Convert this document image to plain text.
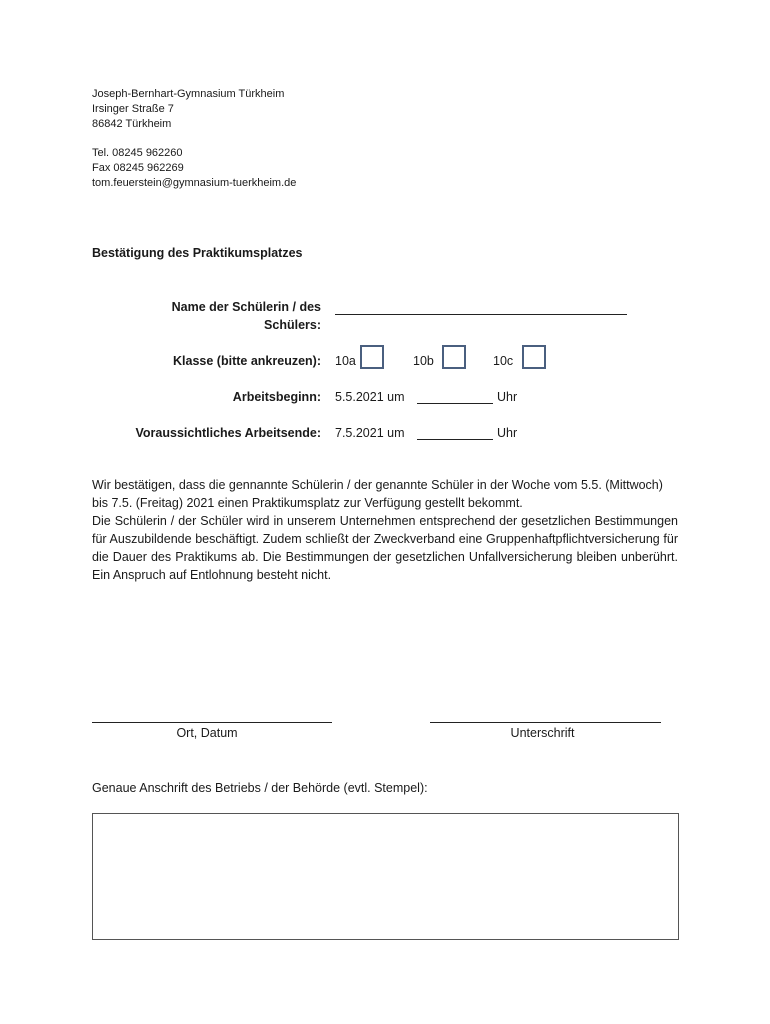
Joseph-Bernhart-Gymnasium Türkheim
Irsinger Straße 7
86842 Türkheim
Tel. 08245 962260
Fax 08245 962269
tom.feuerstein@gymnasium-tuerkheim.de
Bestätigung des Praktikumsplatzes
Name der Schülerin / des
Schülers:
Klasse (bitte ankreuzen): 10a	10b	10c
Arbeitsbeginn: 5.5.2021 um	Uhr
Voraussichtliches Arbeitsende: 7.5.2021 um	Uhr

Wir bestätigen, dass die gennannte Schülerin / der genannte Schüler in der Woche vom 5.5. (Mittwoch) bis 7.5. (Freitag) 2021 einen Praktikumsplatz zur Verfügung gestellt bekommt.

Die Schülerin / der Schüler wird in unserem Unternehmen entsprechend der gesetzlichen Bestimmungen für Auszubildende beschäftigt. Zudem schließt der Zweckverband eine Gruppenhaftpflichtversicherung für die Dauer des Praktikums ab. Die Bestimmungen der gesetzlichen Unfallversicherung bleiben unberührt. Ein Anspruch auf Entlohnung besteht nicht.

Ort, Datum	Unterschrift
Genaue Anschrift des Betriebs / der Behörde (evtl. Stempel):
